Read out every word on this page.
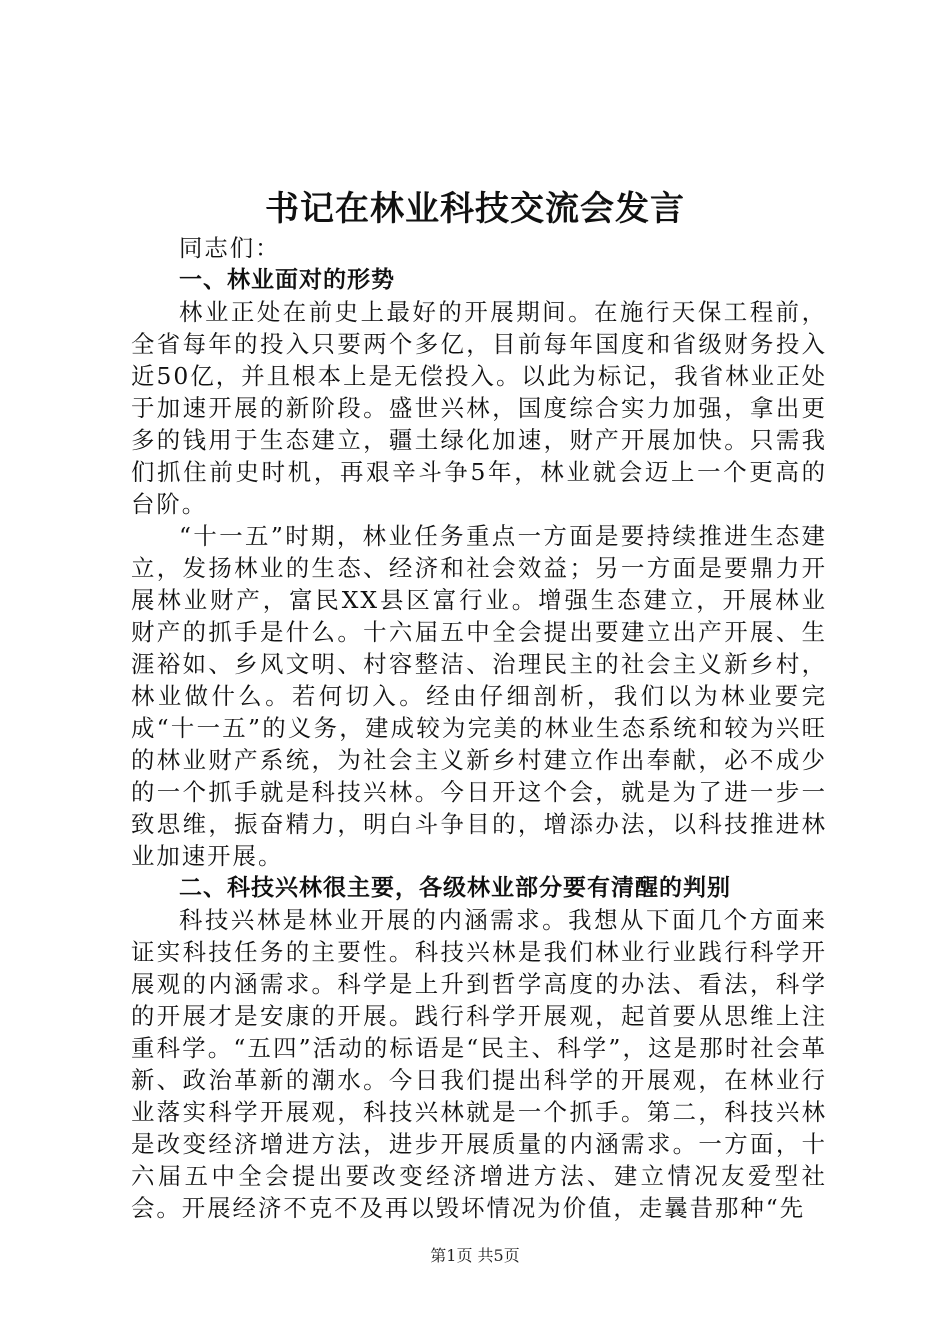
书记在林业科技交流会发言

同志们：

一、林业面对的形势

林业正处在前史上最好的开展期间。在施行天保工程前，全省每年的投入只要两个多亿，目前每年国度和省级财务投入近50亿，并且根本上是无偿投入。以此为标记，我省林业正处于加速开展的新阶段。盛世兴林，国度综合实力加强，拿出更多的钱用于生态建立，疆土绿化加速，财产开展加快。只需我们抓住前史时机，再艰辛斗争5年，林业就会迈上一个更高的台阶。

“十一五”时期，林业任务重点一方面是要持续推进生态建立，发扬林业的生态、经济和社会效益；另一方面是要鼎力开展林业财产，富民XX县区富行业。增强生态建立，开展林业财产的抓手是什么。十六届五中全会提出要建立出产开展、生涯裕如、乡风文明、村容整洁、治理民主的社会主义新乡村，林业做什么。若何切入。经由仔细剖析，我们以为林业要完成“十一五”的义务，建成较为完美的林业生态系统和较为兴旺的林业财产系统，为社会主义新乡村建立作出奉献，必不成少的一个抓手就是科技兴林。今日开这个会，就是为了进一步一致思维，振奋精力，明白斗争目的，增添办法，以科技推进林业加速开展。

二、科技兴林很主要，各级林业部分要有清醒的判别

科技兴林是林业开展的内涵需求。我想从下面几个方面来证实科技任务的主要性。科技兴林是我们林业行业践行科学开展观的内涵需求。科学是上升到哲学高度的办法、看法，科学的开展才是安康的开展。践行科学开展观，起首要从思维上注重科学。“五四”活动的标语是“民主、科学”，这是那时社会革新、政治革新的潮水。今日我们提出科学的开展观，在林业行业落实科学开展观，科技兴林就是一个抓手。第二，科技兴林是改变经济增进方法，进步开展质量的内涵需求。一方面，十六届五中全会提出要改变经济增进方法、建立情况友爱型社会。开展经济不克不及再以毁坏情况为价值，走曩昔那种“先

第1页 共5页
